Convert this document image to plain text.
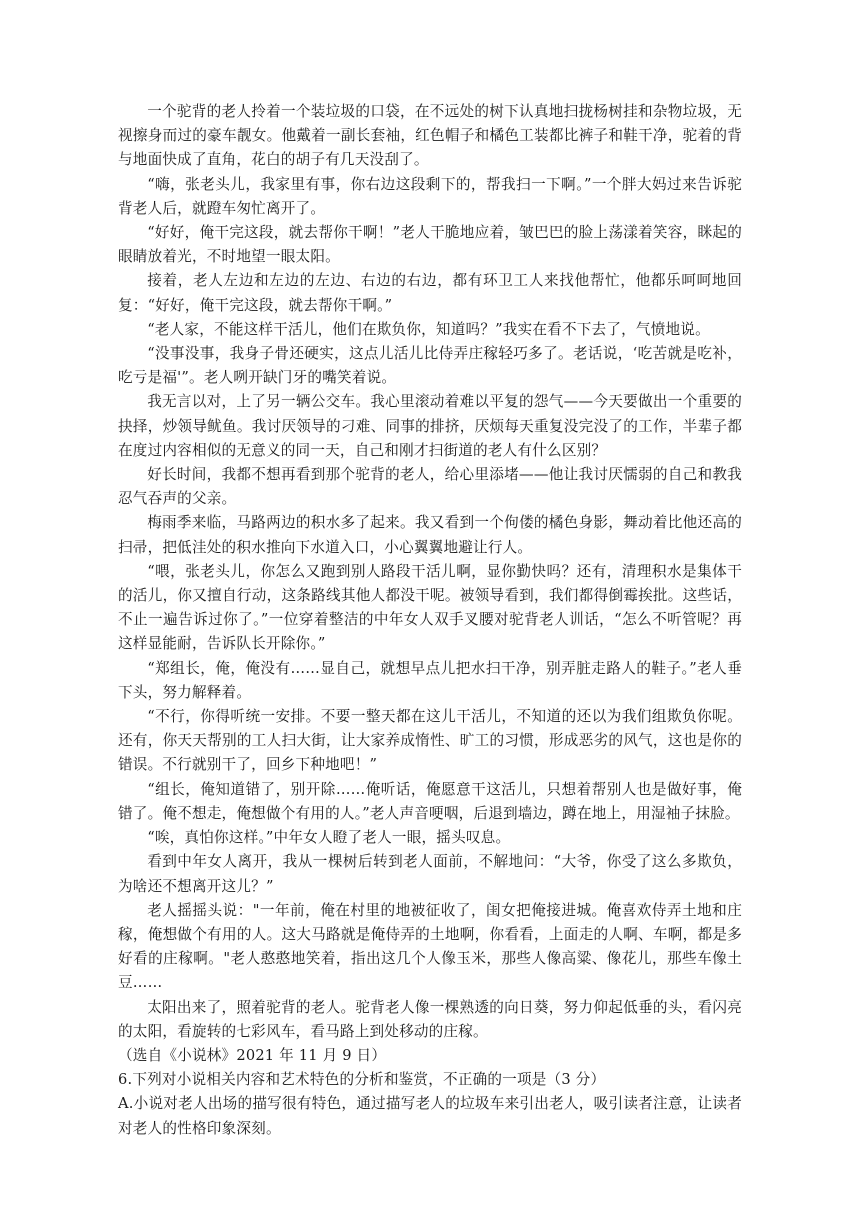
一个驼背的老人拎着一个装垃圾的口袋，在不远处的树下认真地扫拢杨树挂和杂物垃圾，无视擦身而过的豪车靓女。他戴着一副长套袖，红色帽子和橘色工装都比裤子和鞋干净，驼着的背与地面快成了直角，花白的胡子有几天没刮了。

“嗨，张老头儿，我家里有事，你右边这段剩下的，帮我扫一下啊。”一个胖大妈过来告诉驼背老人后，就蹬车匆忙离开了。

“好好，俺干完这段，就去帮你干啊！”老人干脆地应着，皱巴巴的脸上荡漾着笑容，眯起的眼睛放着光，不时地望一眼太阳。

接着，老人左边和左边的左边、右边的右边，都有环卫工人来找他帮忙，他都乐呵呵地回复：“好好，俺干完这段，就去帮你干啊。”

“老人家，不能这样干活儿，他们在欺负你，知道吗？”我实在看不下去了，气愤地说。

“没事没事，我身子骨还硬实，这点儿活儿比侍弄庄稼轻巧多了。老话说，‘吃苦就是吃补，吃亏是福'”。老人咧开缺门牙的嘴笑着说。

我无言以对，上了另一辆公交车。我心里滚动着难以平复的怨气——今天要做出一个重要的抉择，炒领导鱿鱼。我讨厌领导的刁难、同事的排挤，厌烦每天重复没完没了的工作，半辈子都在度过内容相似的无意义的同一天，自己和刚才扫街道的老人有什么区别？

好长时间，我都不想再看到那个驼背的老人，给心里添堵——他让我讨厌懦弱的自己和教我忍气吞声的父亲。

梅雨季来临，马路两边的积水多了起来。我又看到一个佝偻的橘色身影，舞动着比他还高的扫帚，把低洼处的积水推向下水道入口，小心翼翼地避让行人。

“喂，张老头儿，你怎么又跑到别人路段干活儿啊，显你勤快吗？还有，清理积水是集体干的活儿，你又擅自行动，这条路线其他人都没干呢。被领导看到，我们都得倒霉挨批。这些话，不止一遍告诉过你了。”一位穿着整洁的中年女人双手叉腰对驼背老人训话，“怎么不听管呢？再这样显能耐，告诉队长开除你。”

“郑组长，俺，俺没有……显自己，就想早点儿把水扫干净，别弄脏走路人的鞋子。”老人垂下头，努力解释着。

“不行，你得听统一安排。不要一整天都在这儿干活儿，不知道的还以为我们组欺负你呢。还有，你天天帮别的工人扫大街，让大家养成惰性、旷工的习惯，形成恶劣的风气，这也是你的错误。不行就别干了，回乡下种地吧！”

“组长，俺知道错了，别开除……俺听话，俺愿意干这活儿，只想着帮别人也是做好事，俺错了。俺不想走，俺想做个有用的人。”老人声音哽咽，后退到墙边，蹲在地上，用湿袖子抹脸。

“唉，真怕你这样。”中年女人瞪了老人一眼，摇头叹息。

看到中年女人离开，我从一棵树后转到老人面前，不解地问：“大爷，你受了这么多欺负，为啥还不想离开这儿？”

老人摇摇头说："一年前，俺在村里的地被征收了，闺女把俺接进城。俺喜欢侍弄土地和庄稼，俺想做个有用的人。这大马路就是俺侍弄的土地啊，你看看，上面走的人啊、车啊，都是多好看的庄稼啊。"老人憨憨地笑着，指出这几个人像玉米，那些人像高粱、像花儿，那些车像土豆……

太阳出来了，照着驼背的老人。驼背老人像一棵熟透的向日葵，努力仰起低垂的头，看闪亮的太阳，看旋转的七彩风车，看马路上到处移动的庄稼。

（选自《小说林》2021 年 11 月 9 日）

6.下列对小说相关内容和艺术特色的分析和鉴赏，不正确的一项是（3 分）

A.小说对老人出场的描写很有特色，通过描写老人的垃圾车来引出老人，吸引读者注意，让读者对老人的性格印象深刻。
